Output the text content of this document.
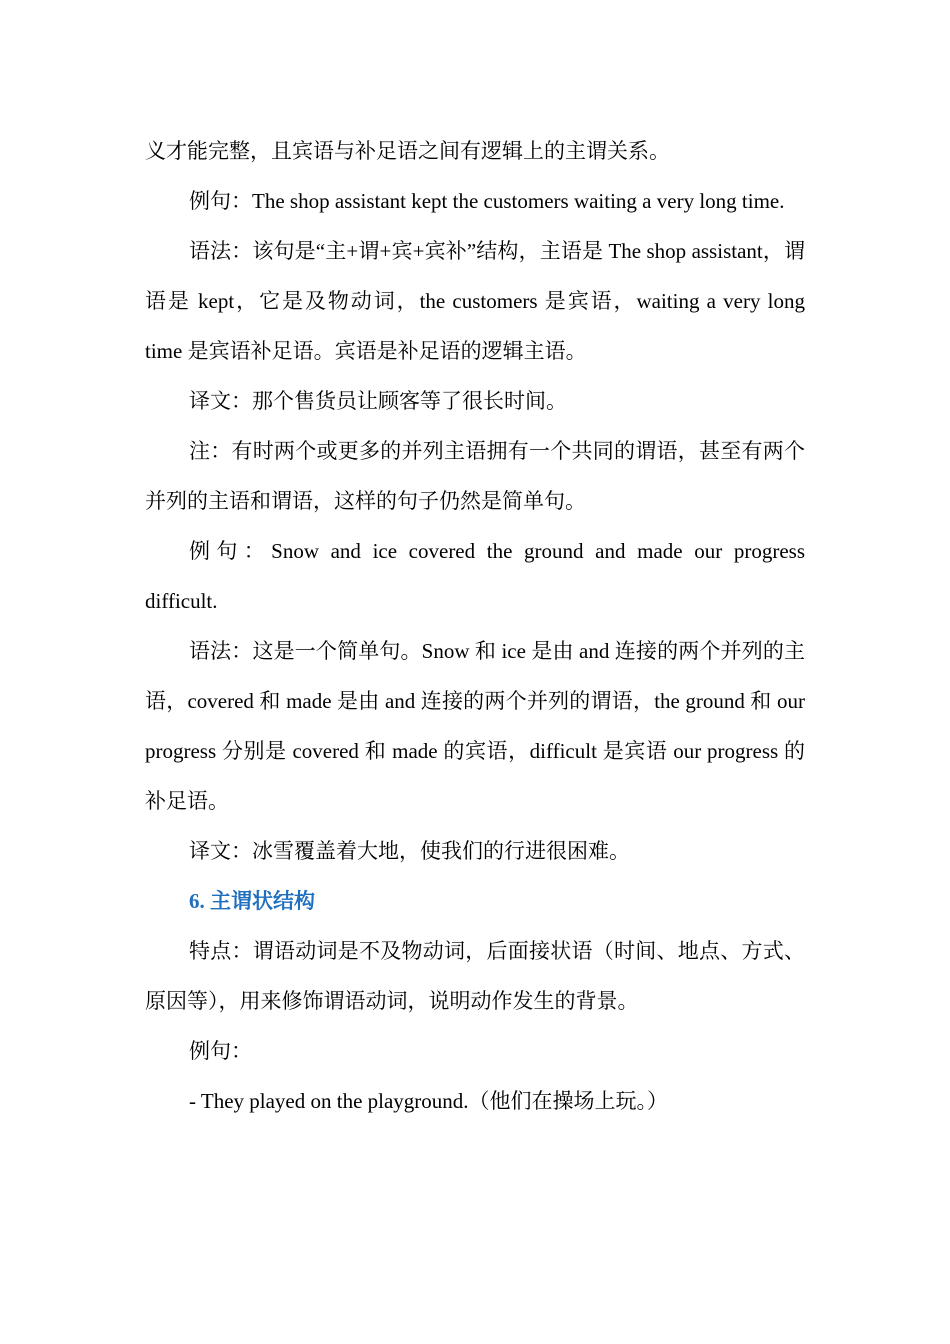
义才能完整，且宾语与补足语之间有逻辑上的主谓关系。

例句：The shop assistant kept the customers waiting a very long time.

语法：该句是“主+谓+宾+宾补”结构，主语是 The shop assistant，谓语是 kept，它是及物动词，the customers 是宾语，waiting a very long time 是宾语补足语。宾语是补足语的逻辑主语。

译文：那个售货员让顾客等了很长时间。

注：有时两个或更多的并列主语拥有一个共同的谓语，甚至有两个并列的主语和谓语，这样的句子仍然是简单句。

例句：Snow and ice covered the ground and made our progress difficult.

语法：这是一个简单句。Snow 和 ice 是由 and 连接的两个并列的主语，covered 和 made 是由 and 连接的两个并列的谓语，the ground 和 our progress 分别是 covered 和 made 的宾语，difficult 是宾语 our progress 的补足语。

译文：冰雪覆盖着大地，使我们的行进很困难。

6. 主谓状结构

特点：谓语动词是不及物动词，后面接状语（时间、地点、方式、原因等），用来修饰谓语动词，说明动作发生的背景。

例句：

- They played on the playground.（他们在操场上玩。）
